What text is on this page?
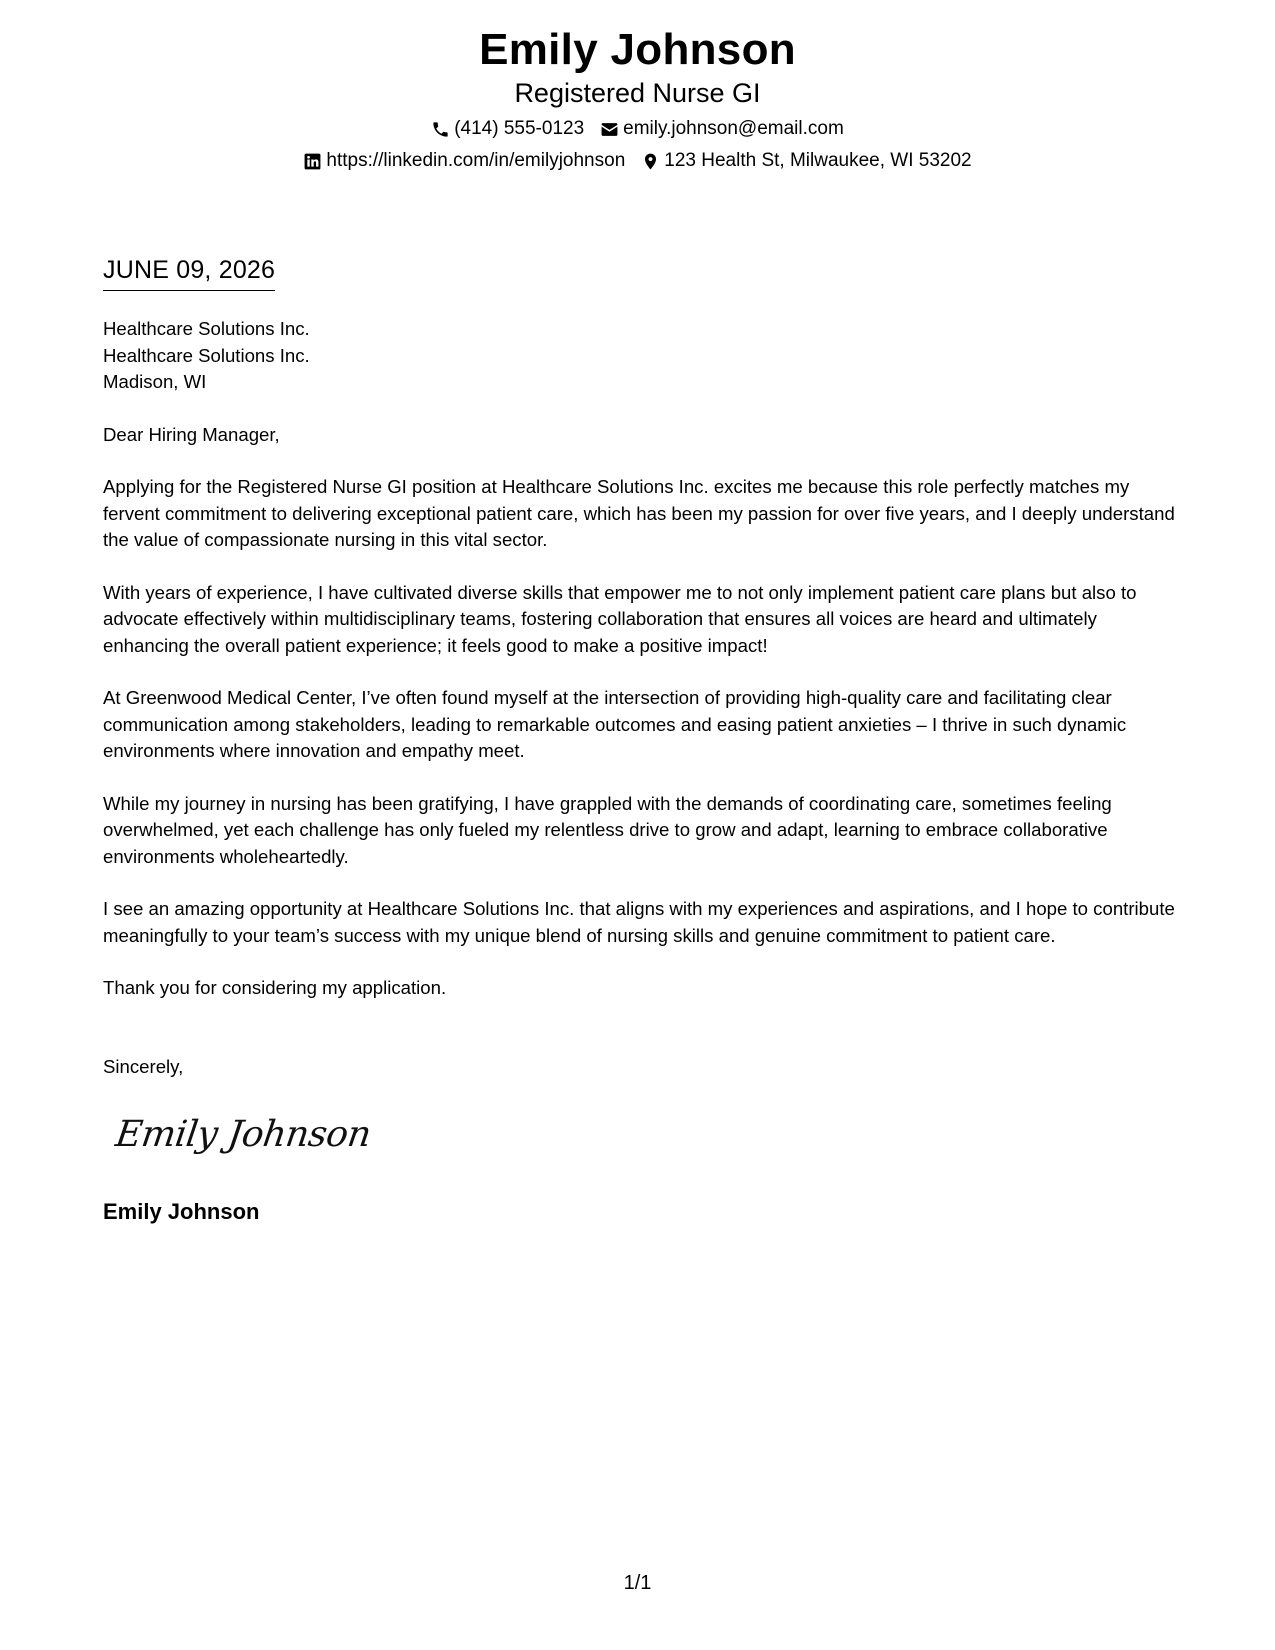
Emily Johnson
Registered Nurse GI
(414) 555-0123 emily.johnson@email.com
https://linkedin.com/in/emilyjohnson 123 Health St, Milwaukee, WI 53202
JUNE 09, 2026
Healthcare Solutions Inc.
Healthcare Solutions Inc.
Madison, WI
Dear Hiring Manager,

Applying for the Registered Nurse GI position at Healthcare Solutions Inc. excites me because this role perfectly matches my fervent commitment to delivering exceptional patient care, which has been my passion for over five years, and I deeply understand the value of compassionate nursing in this vital sector.

With years of experience, I have cultivated diverse skills that empower me to not only implement patient care plans but also to advocate effectively within multidisciplinary teams, fostering collaboration that ensures all voices are heard and ultimately enhancing the overall patient experience; it feels good to make a positive impact!

At Greenwood Medical Center, I’ve often found myself at the intersection of providing high-quality care and facilitating clear communication among stakeholders, leading to remarkable outcomes and easing patient anxieties – I thrive in such dynamic environments where innovation and empathy meet.

While my journey in nursing has been gratifying, I have grappled with the demands of coordinating care, sometimes feeling overwhelmed, yet each challenge has only fueled my relentless drive to grow and adapt, learning to embrace collaborative environments wholeheartedly.

I see an amazing opportunity at Healthcare Solutions Inc. that aligns with my experiences and aspirations, and I hope to contribute meaningfully to your team’s success with my unique blend of nursing skills and genuine commitment to patient care.

Thank you for considering my application.

Sincerely,
Emily Johnson
Emily Johnson
1/1
